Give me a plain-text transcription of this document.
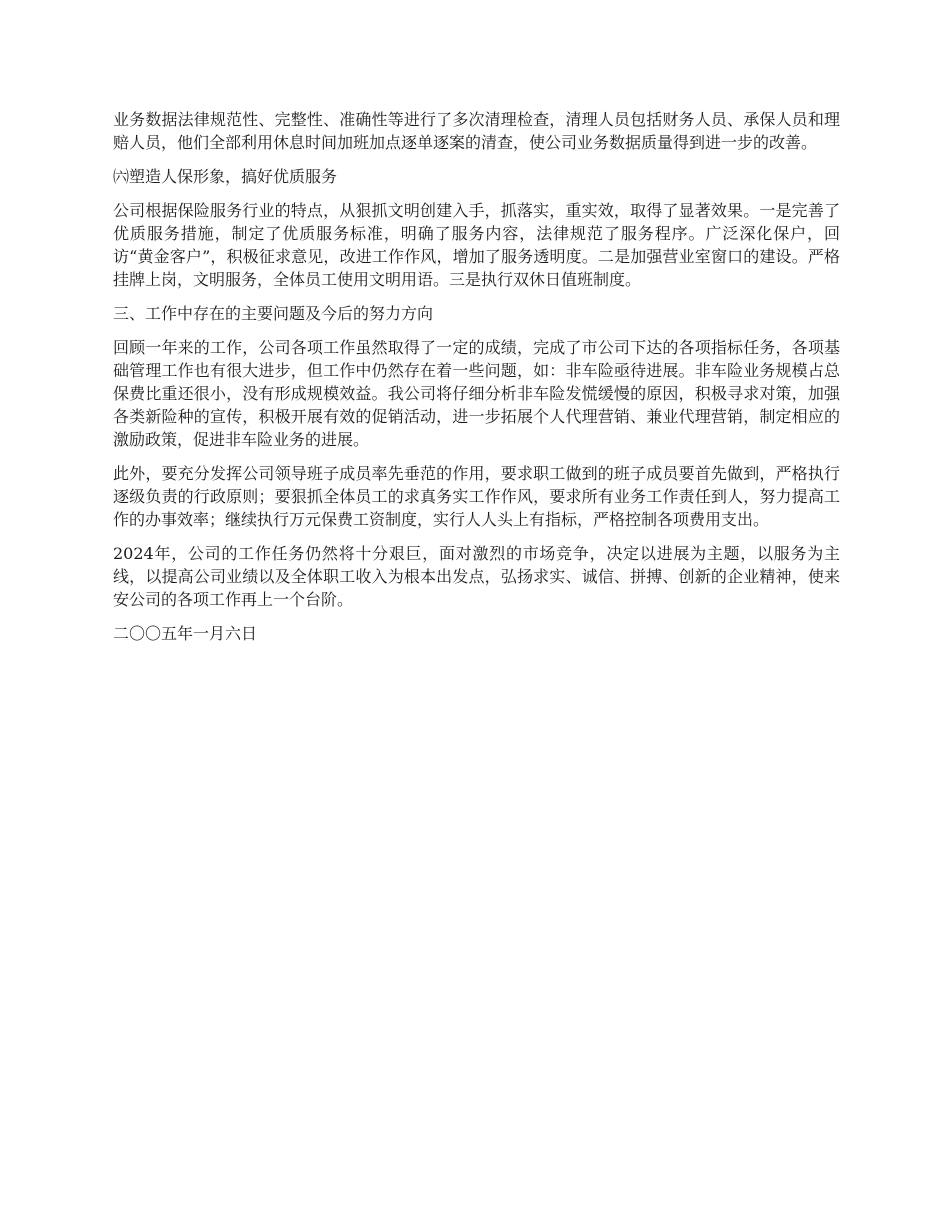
业务数据法律规范性、完整性、准确性等进行了多次清理检查，清理人员包括财务人员、承保人员和理赔人员，他们全部利用休息时间加班加点逐单逐案的清查，使公司业务数据质量得到进一步的改善。

㈥塑造人保形象，搞好优质服务

公司根据保险服务行业的特点，从狠抓文明创建入手，抓落实，重实效，取得了显著效果。一是完善了优质服务措施，制定了优质服务标准，明确了服务内容，法律规范了服务程序。广泛深化保户，回访“黄金客户”，积极征求意见，改进工作作风，增加了服务透明度。二是加强营业室窗口的建设。严格挂牌上岗，文明服务，全体员工使用文明用语。三是执行双休日值班制度。

三、工作中存在的主要问题及今后的努力方向

回顾一年来的工作，公司各项工作虽然取得了一定的成绩，完成了市公司下达的各项指标任务，各项基础管理工作也有很大进步，但工作中仍然存在着一些问题，如：非车险亟待进展。非车险业务规模占总保费比重还很小，没有形成规模效益。我公司将仔细分析非车险发慌缓慢的原因，积极寻求对策，加强各类新险种的宣传，积极开展有效的促销活动，进一步拓展个人代理营销、兼业代理营销，制定相应的激励政策，促进非车险业务的进展。

此外，要充分发挥公司领导班子成员率先垂范的作用，要求职工做到的班子成员要首先做到，严格执行逐级负责的行政原则；要狠抓全体员工的求真务实工作作风，要求所有业务工作责任到人，努力提高工作的办事效率；继续执行万元保费工资制度，实行人人头上有指标，严格控制各项费用支出。

2024年，公司的工作任务仍然将十分艰巨，面对激烈的市场竞争，决定以进展为主题，以服务为主线，以提高公司业绩以及全体职工收入为根本出发点，弘扬求实、诚信、拼搏、创新的企业精神，使来安公司的各项工作再上一个台阶。

二〇〇五年一月六日
